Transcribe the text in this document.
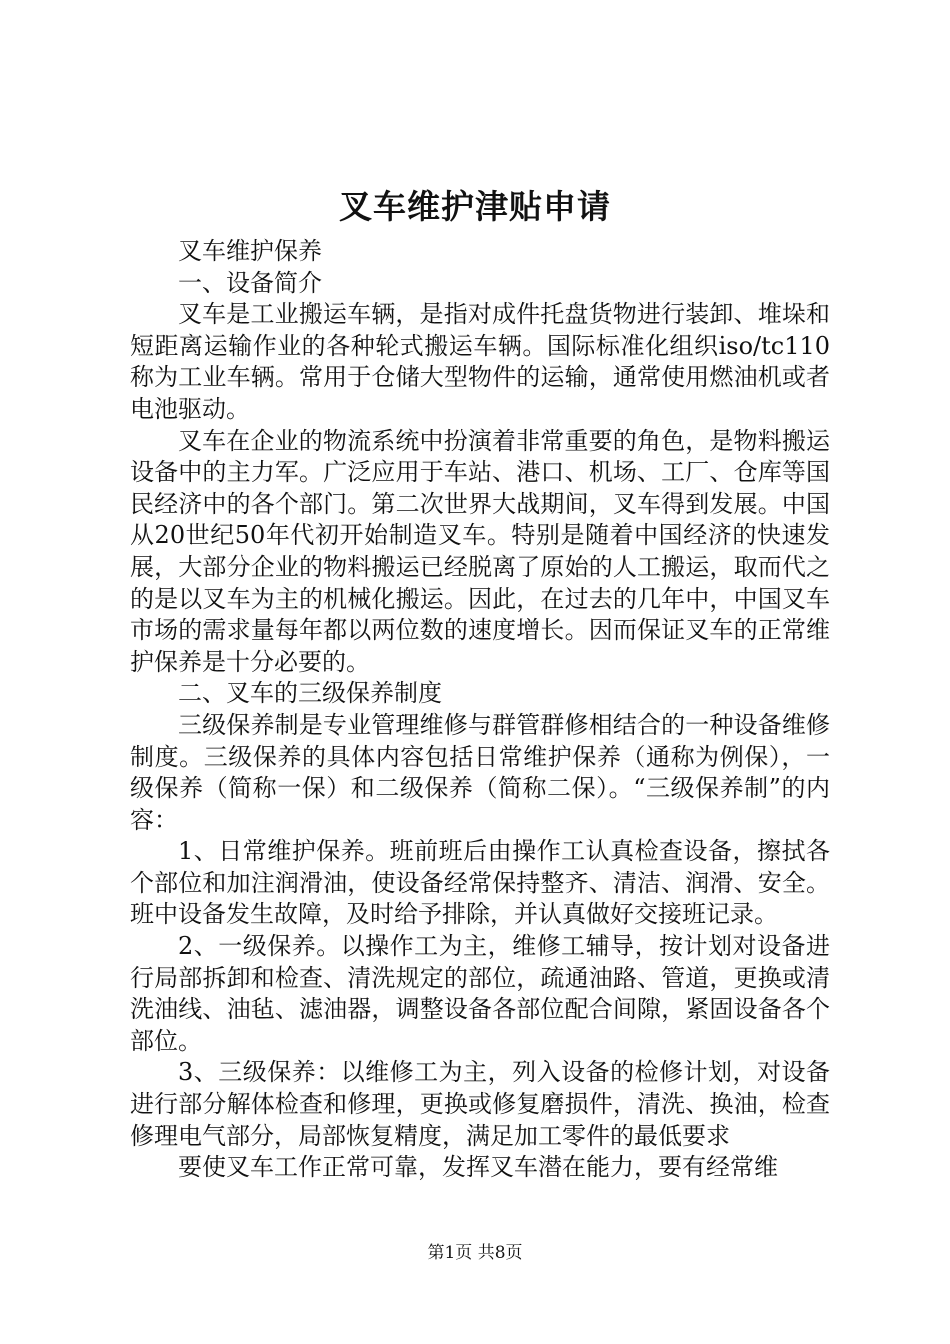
叉车维护津贴申请

叉车维护保养

一、设备简介

叉车是工业搬运车辆，是指对成件托盘货物进行装卸、堆垛和短距离运输作业的各种轮式搬运车辆。国际标准化组织iso/tc110称为工业车辆。常用于仓储大型物件的运输，通常使用燃油机或者电池驱动。

叉车在企业的物流系统中扮演着非常重要的角色，是物料搬运设备中的主力军。广泛应用于车站、港口、机场、工厂、仓库等国民经济中的各个部门。第二次世界大战期间，叉车得到发展。中国从20世纪50年代初开始制造叉车。特别是随着中国经济的快速发展，大部分企业的物料搬运已经脱离了原始的人工搬运，取而代之的是以叉车为主的机械化搬运。因此，在过去的几年中，中国叉车市场的需求量每年都以两位数的速度增长。因而保证叉车的正常维护保养是十分必要的。

二、叉车的三级保养制度

三级保养制是专业管理维修与群管群修相结合的一种设备维修制度。三级保养的具体内容包括日常维护保养（通称为例保），一级保养（简称一保）和二级保养（简称二保）。“三级保养制”的内容：

1、日常维护保养。班前班后由操作工认真检查设备，擦拭各个部位和加注润滑油，使设备经常保持整齐、清洁、润滑、安全。班中设备发生故障，及时给予排除，并认真做好交接班记录。

2、一级保养。以操作工为主，维修工辅导，按计划对设备进行局部拆卸和检查、清洗规定的部位，疏通油路、管道，更换或清洗油线、油毡、滤油器，调整设备各部位配合间隙，紧固设备各个部位。

3、三级保养：以维修工为主，列入设备的检修计划，对设备进行部分解体检查和修理，更换或修复磨损件，清洗、换油，检查修理电气部分，局部恢复精度，满足加工零件的最低要求

要使叉车工作正常可靠，发挥叉车潜在能力，要有经常维

第1页 共8页
